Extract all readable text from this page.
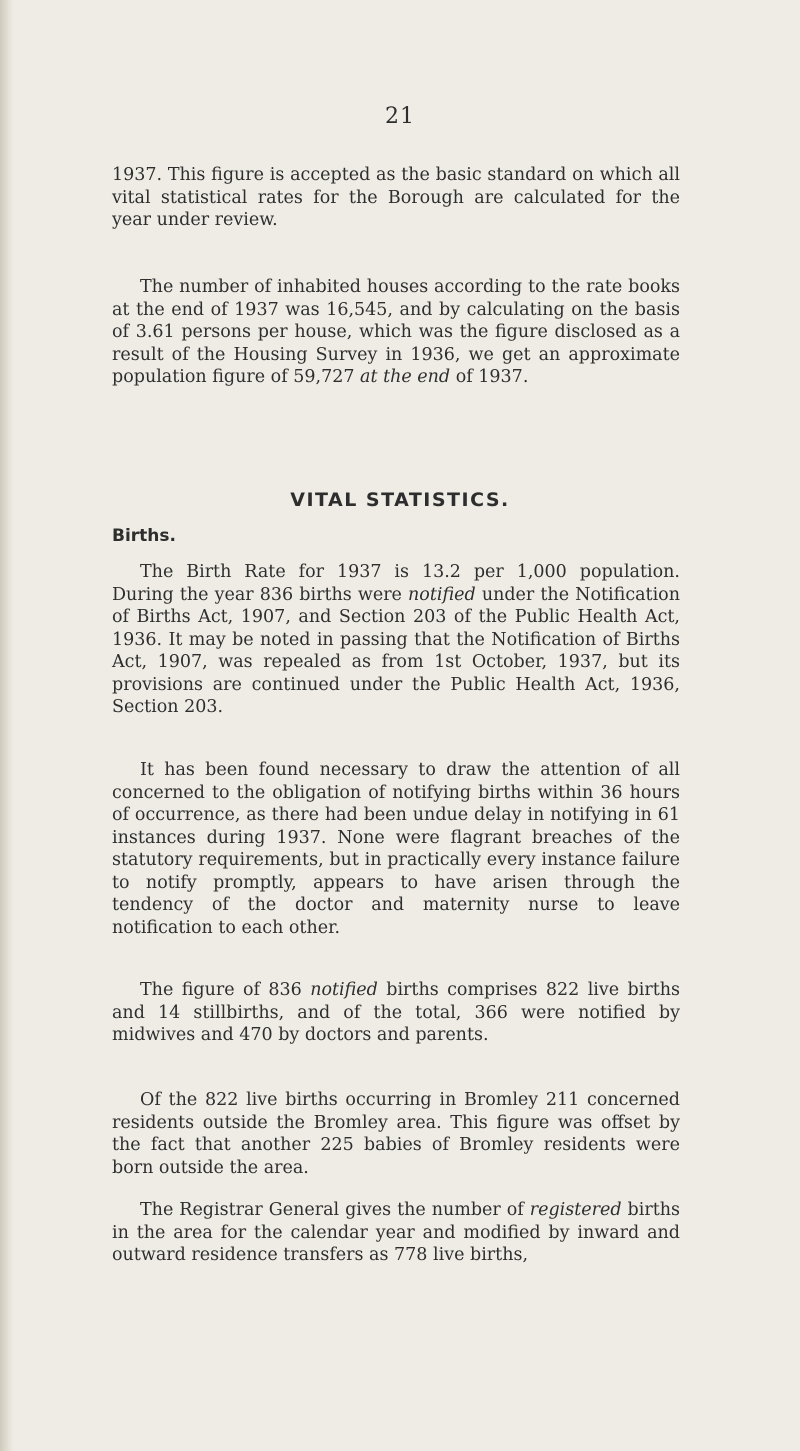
21

1937. This figure is accepted as the basic standard on which all vital statistical rates for the Borough are calculated for the year under review.

The number of inhabited houses according to the rate books at the end of 1937 was 16,545, and by calculating on the basis of 3.61 persons per house, which was the figure disclosed as a result of the Housing Survey in 1936, we get an approximate population figure of 59,727 at the end of 1937.

VITAL STATISTICS.
Births.

The Birth Rate for 1937 is 13.2 per 1,000 population. During the year 836 births were notified under the Notification of Births Act, 1907, and Section 203 of the Public Health Act, 1936. It may be noted in passing that the Notification of Births Act, 1907, was repealed as from 1st October, 1937, but its provisions are continued under the Public Health Act, 1936, Section 203.

It has been found necessary to draw the attention of all concerned to the obligation of notifying births within 36 hours of occurrence, as there had been undue delay in notifying in 61 instances during 1937. None were flagrant breaches of the statutory requirements, but in practically every instance failure to notify promptly, appears to have arisen through the tendency of the doctor and maternity nurse to leave notification to each other.

The figure of 836 notified births comprises 822 live births and 14 stillbirths, and of the total, 366 were notified by midwives and 470 by doctors and parents.

Of the 822 live births occurring in Bromley 211 concerned residents outside the Bromley area. This figure was offset by the fact that another 225 babies of Bromley residents were born outside the area.

The Registrar General gives the number of registered births in the area for the calendar year and modified by inward and outward residence transfers as 778 live births,
